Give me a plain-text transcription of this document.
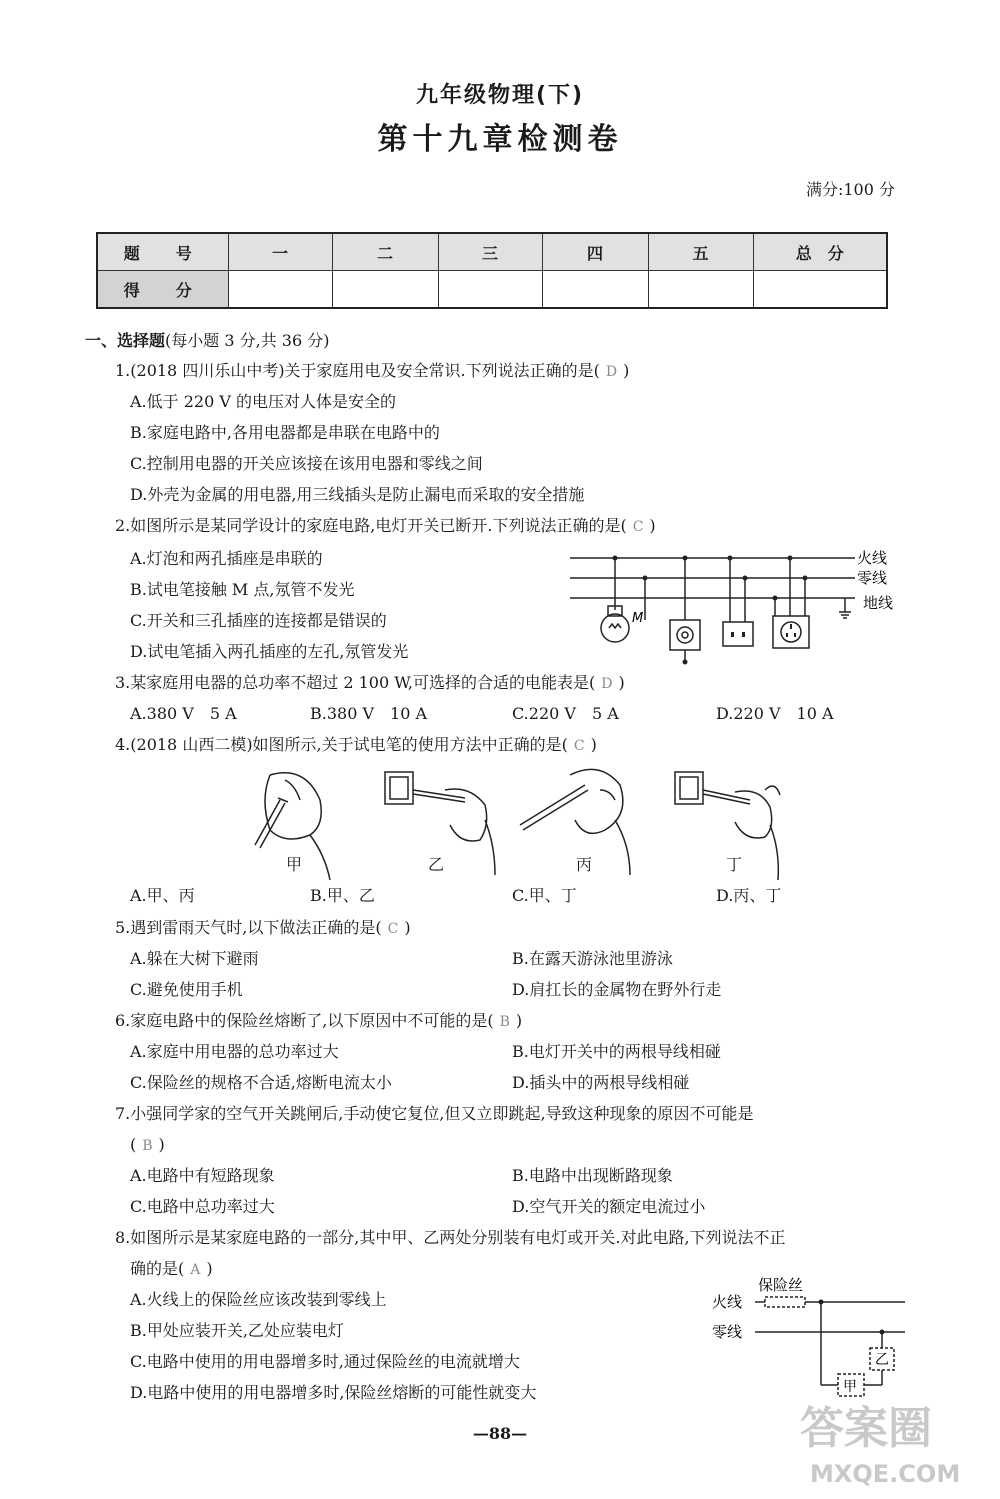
九年级物理(下)
第十九章检测卷
满分:100 分
题　号	一	二	三	四	五	总　分
得　分						
一、选择题(每小题 3 分,共 36 分)
1.(2018 四川乐山中考)关于家庭用电及安全常识.下列说法正确的是( D )
A.低于 220 V 的电压对人体是安全的
B.家庭电路中,各用电器都是串联在电路中的
C.控制用电器的开关应该接在该用电器和零线之间
D.外壳为金属的用电器,用三线插头是防止漏电而采取的安全措施
2.如图所示是某同学设计的家庭电路,电灯开关已断开.下列说法正确的是( C )
A.灯泡和两孔插座是串联的
B.试电笔接触 M 点,氖管不发光
C.开关和三孔插座的连接都是错误的
D.试电笔插入两孔插座的左孔,氖管发光
火线
零线
地线
M
3.某家庭用电器的总功率不超过 2 100 W,可选择的合适的电能表是( D )
A.380 V　5 A	B.380 V　10 A	C.220 V　5 A	D.220 V　10 A
4.(2018 山西二模)如图所示,关于试电笔的使用方法中正确的是( C )
甲	乙	丙	丁
A.甲、丙	B.甲、乙	C.甲、丁	D.丙、丁
5.遇到雷雨天气时,以下做法正确的是( C )
A.躲在大树下避雨	B.在露天游泳池里游泳
C.避免使用手机	D.肩扛长的金属物在野外行走
6.家庭电路中的保险丝熔断了,以下原因中不可能的是( B )
A.家庭中用电器的总功率过大	B.电灯开关中的两根导线相碰
C.保险丝的规格不合适,熔断电流太小	D.插头中的两根导线相碰
7.小强同学家的空气开关跳闸后,手动使它复位,但又立即跳起,导致这种现象的原因不可能是
( B )
A.电路中有短路现象	B.电路中出现断路现象
C.电路中总功率过大	D.空气开关的额定电流过小
8.如图所示是某家庭电路的一部分,其中甲、乙两处分别装有电灯或开关.对此电路,下列说法不正
确的是( A )
A.火线上的保险丝应该改装到零线上
B.甲处应装开关,乙处应装电灯
C.电路中使用的用电器增多时,通过保险丝的电流就增大
D.电路中使用的用电器增多时,保险丝熔断的可能性就变大
保险丝
火线
零线
甲
乙
—88—	答案圈
MXQE.COM
